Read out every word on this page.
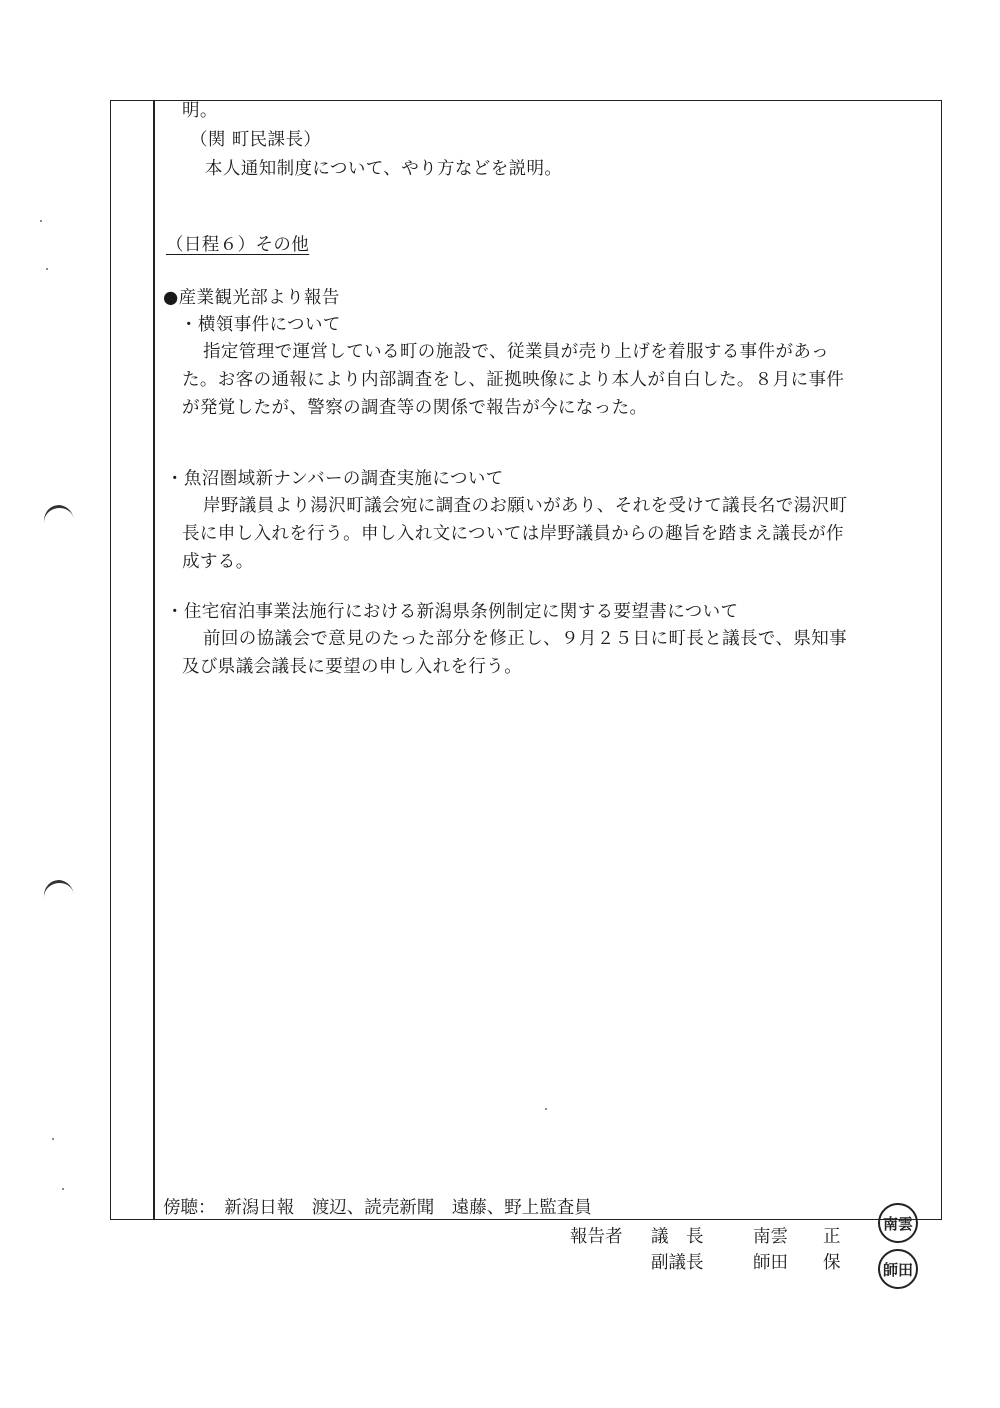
明。
（関 町民課長）
本人通知制度について、やり方などを説明。
（日程６）その他
●産業観光部より報告
・横領事件について
指定管理で運営している町の施設で、従業員が売り上げを着服する事件があっ
た。お客の通報により内部調査をし、証拠映像により本人が自白した。８月に事件
が発覚したが、警察の調査等の関係で報告が今になった。
・魚沼圏域新ナンバーの調査実施について
岸野議員より湯沢町議会宛に調査のお願いがあり、それを受けて議長名で湯沢町
長に申し入れを行う。申し入れ文については岸野議員からの趣旨を踏まえ議長が作
成する。
・住宅宿泊事業法施行における新潟県条例制定に関する要望書について
前回の協議会で意見のたった部分を修正し、９月２５日に町長と議長で、県知事
及び県議会議長に要望の申し入れを行う。
傍聴：　新潟日報　渡辺、読売新聞　遠藤、野上監査員
報告者 議　長	南雲　　正
副議長	師田　　保
南雲
師田
